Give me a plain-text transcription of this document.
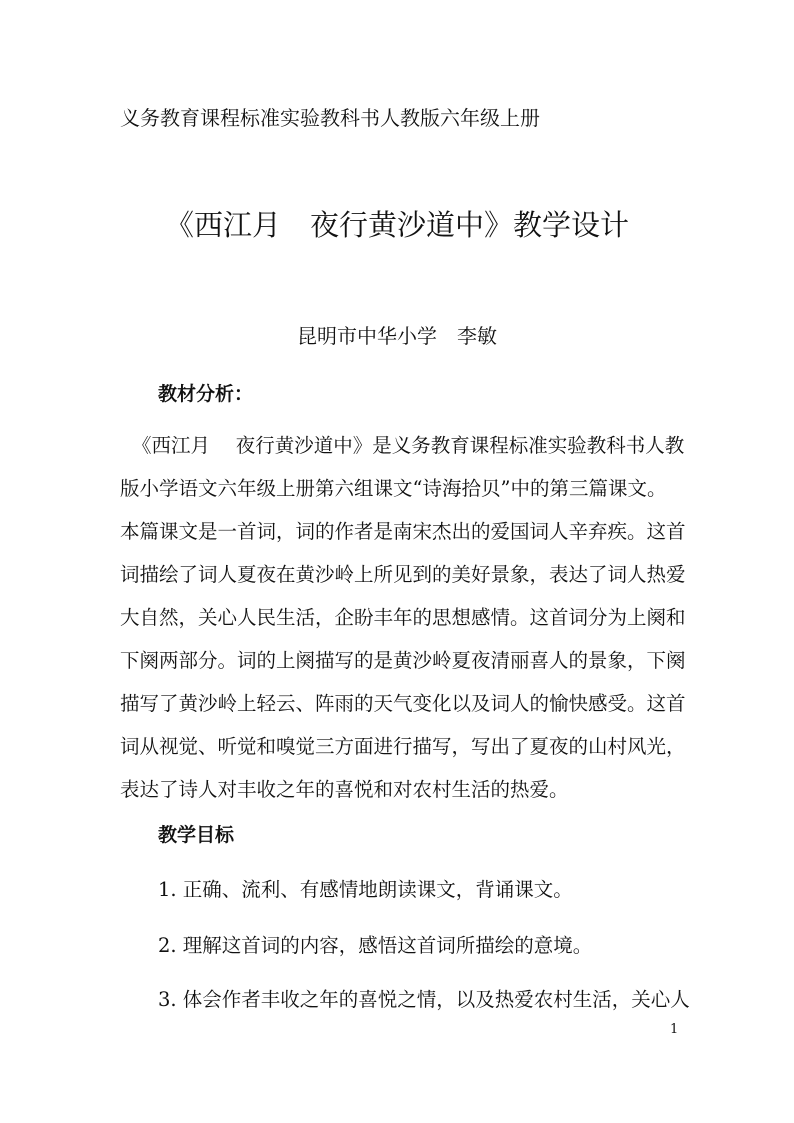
义务教育课程标准实验教科书人教版六年级上册
《西江月　夜行黄沙道中》教学设计
昆明市中华小学　李敏
教材分析：
《西江月　 夜行黄沙道中》是义务教育课程标准实验教科书人教
版小学语文六年级上册第六组课文“诗海拾贝”中的第三篇课文。
本篇课文是一首词，词的作者是南宋杰出的爱国词人辛弃疾。这首
词描绘了词人夏夜在黄沙岭上所见到的美好景象，表达了词人热爱
大自然，关心人民生活，企盼丰年的思想感情。这首词分为上阕和
下阕两部分。词的上阕描写的是黄沙岭夏夜清丽喜人的景象，下阕
描写了黄沙岭上轻云、阵雨的天气变化以及词人的愉快感受。这首
词从视觉、听觉和嗅觉三方面进行描写，写出了夏夜的山村风光，
表达了诗人对丰收之年的喜悦和对农村生活的热爱。
教学目标
1. 正确、流利、有感情地朗读课文，背诵课文。
2. 理解这首词的内容，感悟这首词所描绘的意境。
3. 体会作者丰收之年的喜悦之情，以及热爱农村生活，关心人
1
